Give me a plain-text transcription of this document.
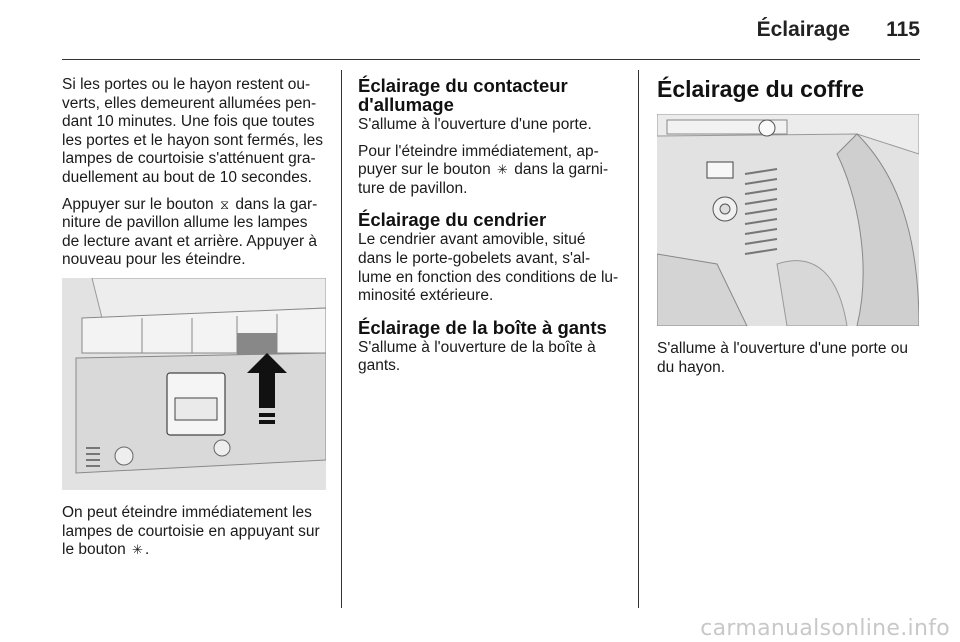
Éclairage	115

Si les portes ou le hayon restent ou-verts, elles demeurent allumées pen-dant 10 minutes. Une fois que toutes les portes et le hayon sont fermés, les lampes de courtoisie s'atténuent gra-duellement au bout de 10 secondes.

Appuyer sur le bouton ⧖ dans la gar-niture de pavillon allume les lampes de lecture avant et arrière. Appuyer à nouveau pour les éteindre.

On peut éteindre immédiatement les lampes de courtoisie en appuyant sur le bouton ✳ .

Éclairage du contacteur d'allumage

S'allume à l'ouverture d'une porte.

Pour l'éteindre immédiatement, ap-puyer sur le bouton ✳ dans la garni-ture de pavillon.

Éclairage du cendrier

Le cendrier avant amovible, situé dans le porte-gobelets avant, s'al-lume en fonction des conditions de lu-minosité extérieure.

Éclairage de la boîte à gants

S'allume à l'ouverture de la boîte à gants.

Éclairage du coffre

S'allume à l'ouverture d'une porte ou du hayon.

carmanualsonline.info
